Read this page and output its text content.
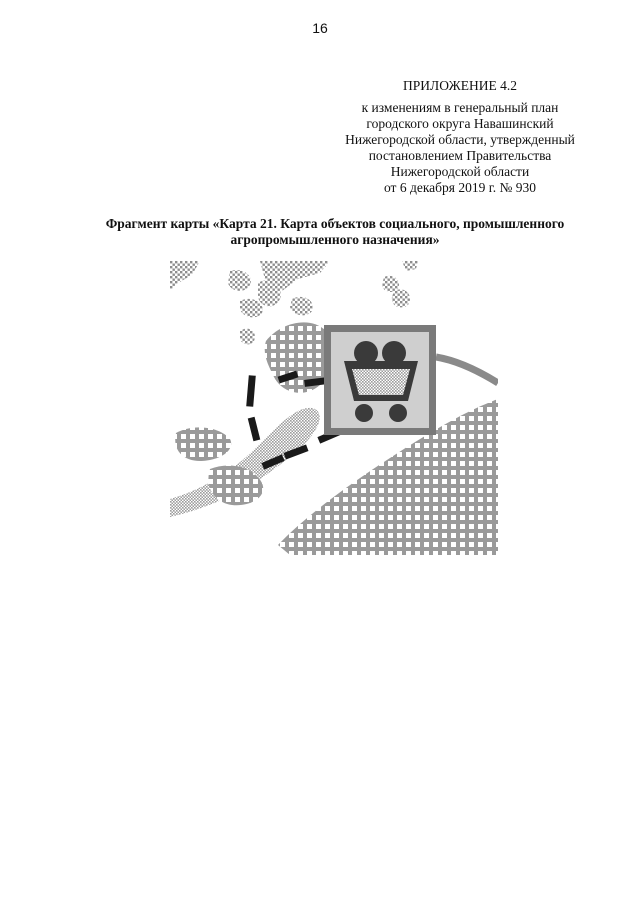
16
ПРИЛОЖЕНИЕ 4.2
к изменениям в генеральный план
городского округа Навашинский
Нижегородской области, утвержденный
постановлением Правительства
Нижегородской области
от 6 декабря 2019 г. № 930
Фрагмент карты «Карта 21. Карта объектов социального, промышленного
агропромышленного назначения»
